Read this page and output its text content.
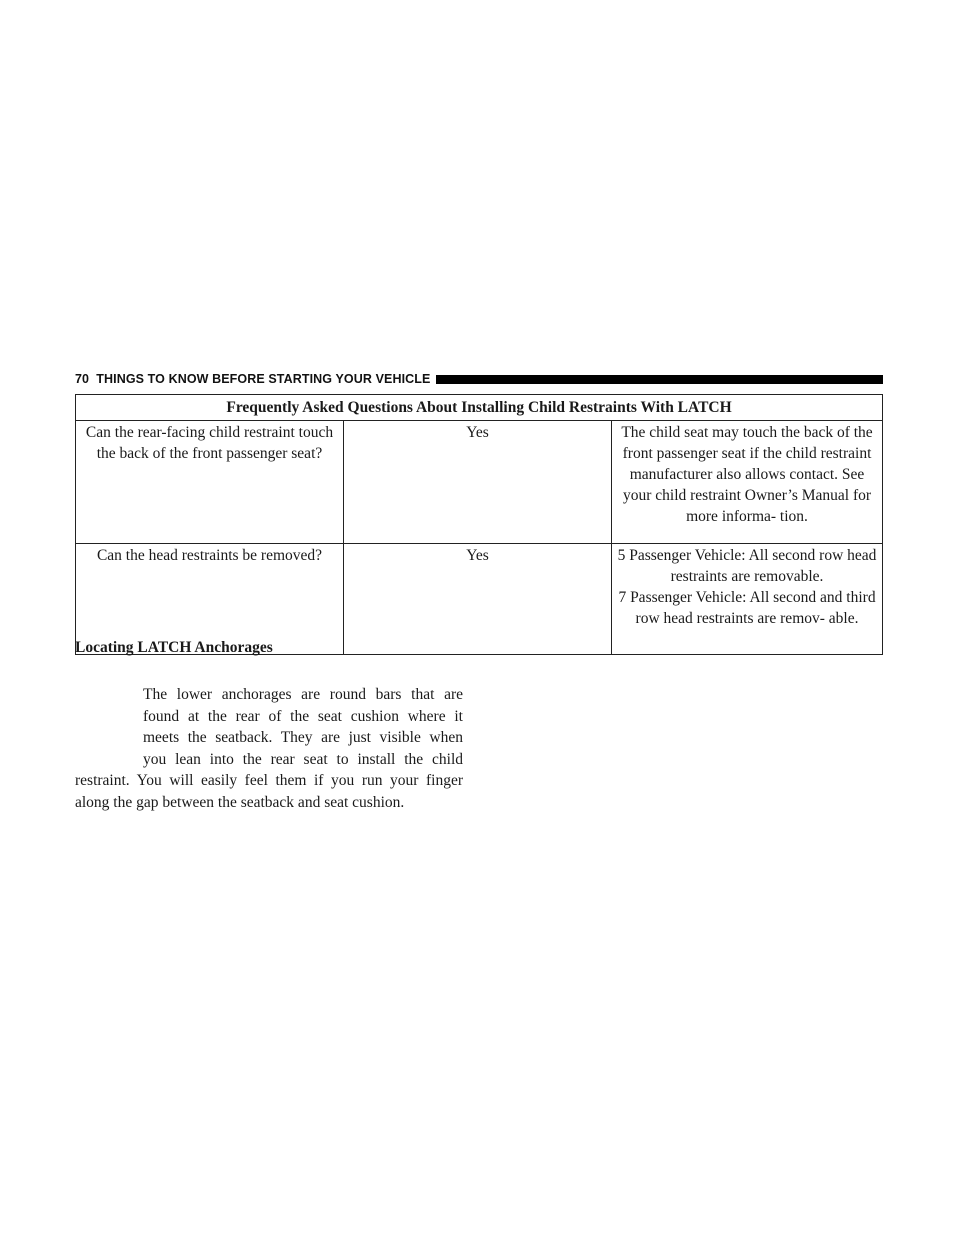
70 THINGS TO KNOW BEFORE STARTING YOUR VEHICLE
Frequently Asked Questions About Installing Child Restraints With LATCH		
Can the rear-facing child restraint touch the back of the front passenger seat?	Yes	The child seat may touch the back of the front passenger seat if the child restraint manufacturer also allows contact. See your child restraint Owner’s Manual for more informa- tion.

Can the head restraints be removed?	Yes	5 Passenger Vehicle: All second row head restraints are removable.
7 Passenger Vehicle: All second and third row head restraints are remov- able.
Locating LATCH Anchorages

The lower anchorages are round bars that are
found at the rear of the seat cushion where it
meets the seatback. They are just visible when
you lean into the rear seat to install the child
restraint. You will easily feel them if you run your finger
along the gap between the seatback and seat cushion.
